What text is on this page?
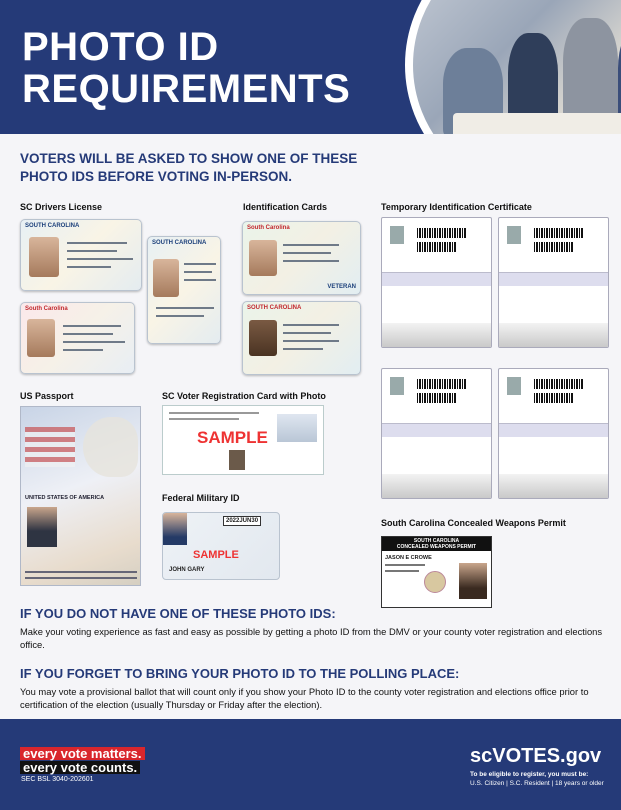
PHOTO ID
REQUIREMENTS
VOTERS WILL BE ASKED TO SHOW ONE OF THESE
PHOTO IDS BEFORE VOTING IN-PERSON.
SC Drivers License	Identification Cards	Temporary Identification Certificate
US Passport	SC Voter Registration Card with Photo
Federal Military ID
South Carolina Concealed Weapons Permit
SOUTH CAROLINA
SOUTH CAROLINA
South Carolina
South Carolina
VETERAN
SOUTH CAROLINA
UNITED STATES OF AMERICA
SAMPLE
2022JUN30
SAMPLE
JOHN GARY
SOUTH CAROLINA
CONCEALED WEAPONS PERMIT
JASON E CROWE
IF YOU DO NOT HAVE ONE OF THESE PHOTO IDS:
Make your voting experience as fast and easy as possible by getting a photo ID from the DMV or your county voter registration and elections office.
IF YOU FORGET TO BRING YOUR PHOTO ID TO THE POLLING PLACE:
You may vote a provisional ballot that will count only if you show your Photo ID to the county voter registration and elections office prior to certification of the election (usually Thursday or Friday after the election).
every vote matters.
every vote counts.
SEC BSL 3040-202601
scVOTES.gov
To be eligible to register, you must be:
U.S. Citizen | S.C. Resident | 18 years or older
